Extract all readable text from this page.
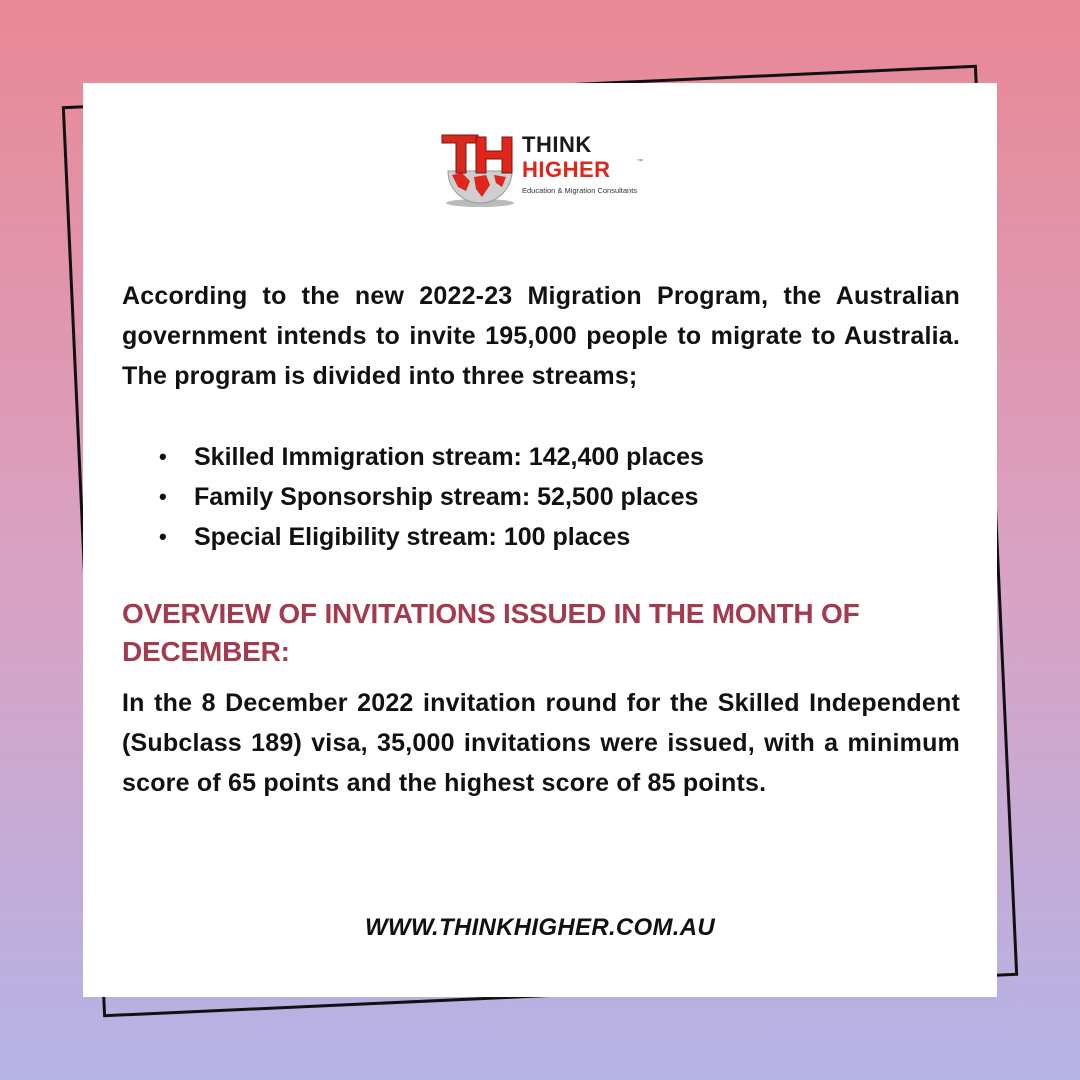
THINK
HIGHER	™
Education & Migration Consultants

According to the new 2022-23 Migration Program, the Australian government intends to invite 195,000 people to migrate to Australia. The program is divided into three streams;

• Skilled Immigration stream: 142,400 places
• Family Sponsorship stream: 52,500 places
• Special Eligibility stream: 100 places
OVERVIEW OF INVITATIONS ISSUED IN THE MONTH OF DECEMBER:

In the 8 December 2022 invitation round for the Skilled Independent (Subclass 189) visa, 35,000 invitations were issued, with a minimum score of 65 points and the highest score of 85 points.

WWW.THINKHIGHER.COM.AU
